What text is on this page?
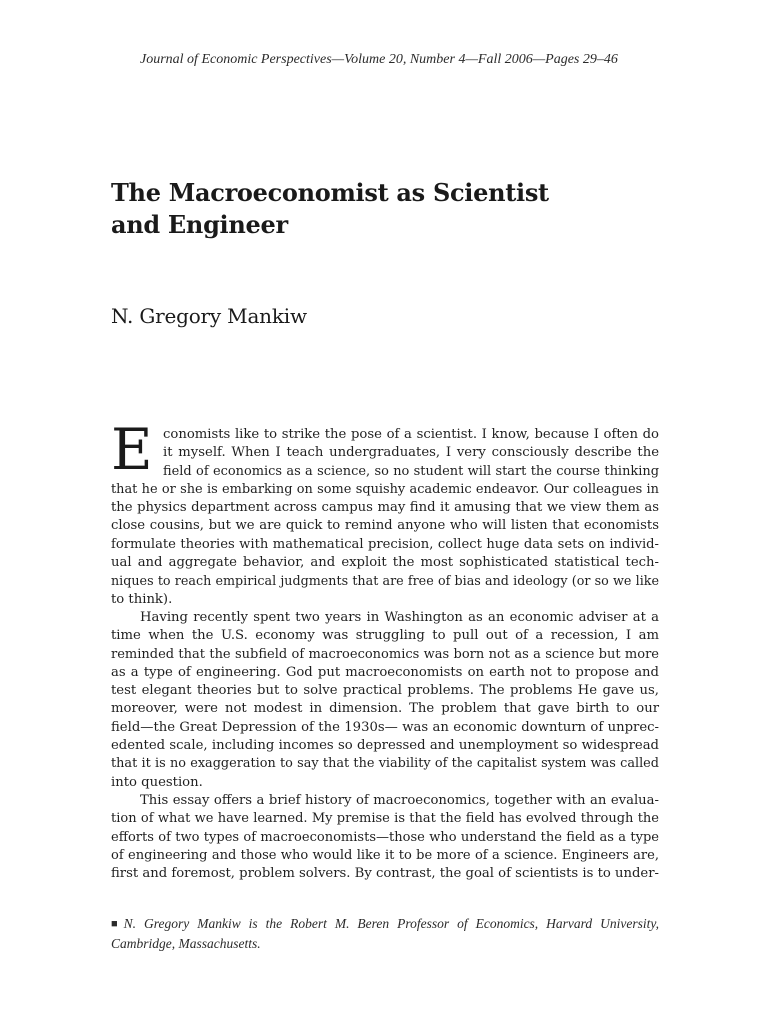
Journal of Economic Perspectives—Volume 20, Number 4—Fall 2006—Pages 29–46
The Macroeconomist as Scientist
and Engineer
N. Gregory Mankiw
E conomists like to strike the pose of a scientist. I know, because I often do
it myself. When I teach undergraduates, I very consciously describe the
field of economics as a science, so no student will start the course thinking
that he or she is embarking on some squishy academic endeavor. Our colleagues in
the physics department across campus may find it amusing that we view them as
close cousins, but we are quick to remind anyone who will listen that economists
formulate theories with mathematical precision, collect huge data sets on individ-
ual and aggregate behavior, and exploit the most sophisticated statistical tech-
niques to reach empirical judgments that are free of bias and ideology (or so we like
to think).
Having recently spent two years in Washington as an economic adviser at a
time when the U.S. economy was struggling to pull out of a recession, I am
reminded that the subfield of macroeconomics was born not as a science but more
as a type of engineering. God put macroeconomists on earth not to propose and
test elegant theories but to solve practical problems. The problems He gave us,
moreover, were not modest in dimension. The problem that gave birth to our
field—the Great Depression of the 1930s— was an economic downturn of unprec-
edented scale, including incomes so depressed and unemployment so widespread
that it is no exaggeration to say that the viability of the capitalist system was called
into question.
This essay offers a brief history of macroeconomics, together with an evalua-
tion of what we have learned. My premise is that the field has evolved through the
efforts of two types of macroeconomists—those who understand the field as a type
of engineering and those who would like it to be more of a science. Engineers are,
first and foremost, problem solvers. By contrast, the goal of scientists is to under-
■ N. Gregory Mankiw is the Robert M. Beren Professor of Economics, Harvard University,
Cambridge, Massachusetts.
